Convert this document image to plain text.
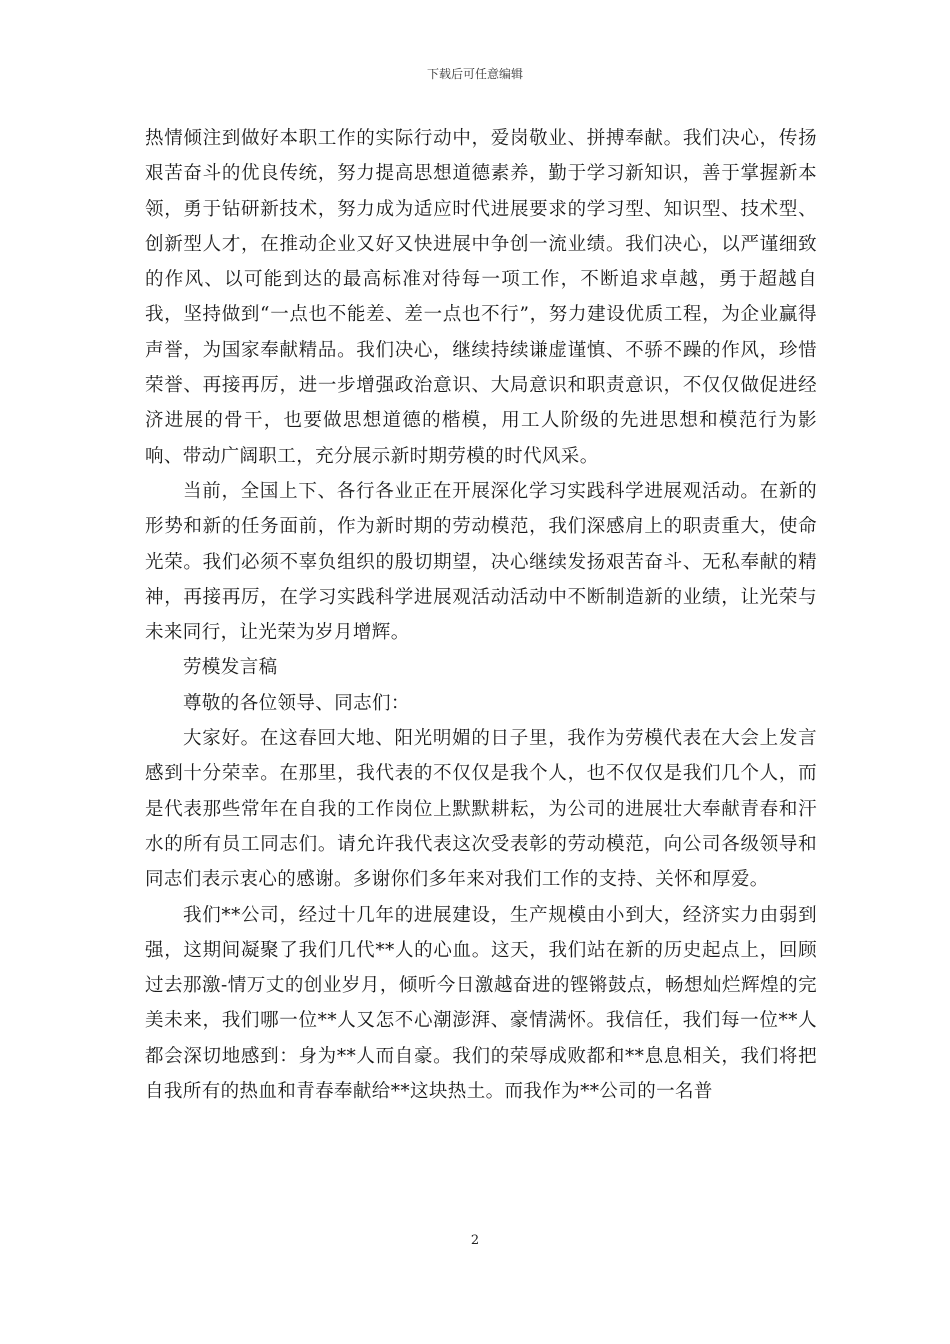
下载后可任意编辑

热情倾注到做好本职工作的实际行动中，爱岗敬业、拼搏奉献。我们决心，传扬艰苦奋斗的优良传统，努力提高思想道德素养，勤于学习新知识，善于掌握新本领，勇于钻研新技术，努力成为适应时代进展要求的学习型、知识型、技术型、创新型人才，在推动企业又好又快进展中争创一流业绩。我们决心，以严谨细致的作风、以可能到达的最高标准对待每一项工作，不断追求卓越，勇于超越自我，坚持做到“一点也不能差、差一点也不行”，努力建设优质工程，为企业赢得声誉，为国家奉献精品。我们决心，继续持续谦虚谨慎、不骄不躁的作风，珍惜荣誉、再接再厉，进一步增强政治意识、大局意识和职责意识，不仅仅做促进经济进展的骨干，也要做思想道德的楷模，用工人阶级的先进思想和模范行为影响、带动广阔职工，充分展示新时期劳模的时代风采。

当前，全国上下、各行各业正在开展深化学习实践科学进展观活动。在新的形势和新的任务面前，作为新时期的劳动模范，我们深感肩上的职责重大，使命光荣。我们必须不辜负组织的殷切期望，决心继续发扬艰苦奋斗、无私奉献的精神，再接再厉，在学习实践科学进展观活动活动中不断制造新的业绩，让光荣与未来同行，让光荣为岁月增辉。

劳模发言稿

尊敬的各位领导、同志们：

大家好。在这春回大地、阳光明媚的日子里，我作为劳模代表在大会上发言感到十分荣幸。在那里，我代表的不仅仅是我个人，也不仅仅是我们几个人，而是代表那些常年在自我的工作岗位上默默耕耘，为公司的进展壮大奉献青春和汗水的所有员工同志们。请允许我代表这次受表彰的劳动模范，向公司各级领导和同志们表示衷心的感谢。多谢你们多年来对我们工作的支持、关怀和厚爱。

我们**公司，经过十几年的进展建设，生产规模由小到大，经济实力由弱到强，这期间凝聚了我们几代**人的心血。这天，我们站在新的历史起点上，回顾过去那激-情万丈的创业岁月，倾听今日激越奋进的铿锵鼓点，畅想灿烂辉煌的完美未来，我们哪一位**人又怎不心潮澎湃、豪情满怀。我信任，我们每一位**人都会深切地感到：身为**人而自豪。我们的荣辱成败都和**息息相关，我们将把自我所有的热血和青春奉献给**这块热土。而我作为**公司的一名普

2
